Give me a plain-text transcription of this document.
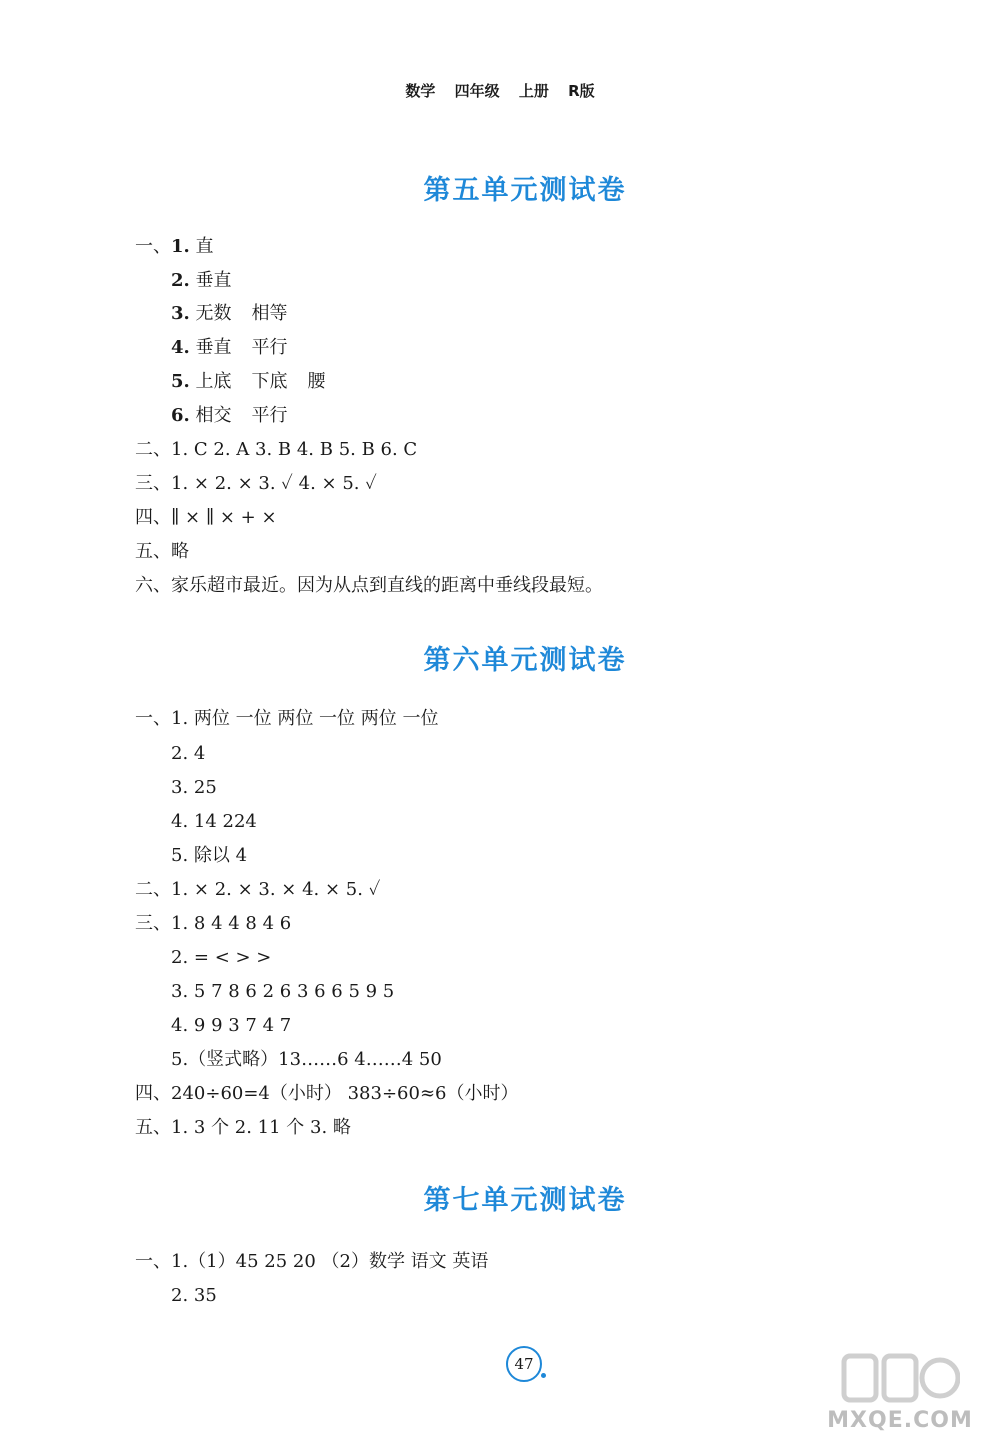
数学 四年级 上册 R版
第五单元测试卷
一、1. 直
2. 垂直
3. 无数 相等
4. 垂直 平行
5. 上底 下底 腰
6. 相交 平行
二、1. C 2. A 3. B 4. B 5. B 6. C
三、1. × 2. × 3. ✓ 4. × 5. ✓
四、∥ × ∥ × + ×
五、略
六、家乐超市最近。因为从点到直线的距离中垂线段最短。
第六单元测试卷
一、1. 两位 一位 两位 一位 两位 一位
2. 4
3. 25
4. 14 224
5. 除以 4
二、1. × 2. × 3. × 4. × 5. ✓
三、1. 8 4 4 8 4 6
2. = < > >
3. 5 7 8 6 2 6 3 6 6 5 9 5
4. 9 9 3 7 4 7
5.（竖式略）13……6 4……4 50
四、240÷60=4（小时） 383÷60≈6（小时）
五、1. 3 个 2. 11 个 3. 略
第七单元测试卷
一、1.（1）45 25 20 （2）数学 语文 英语
2. 35
47
MXQE.COM
